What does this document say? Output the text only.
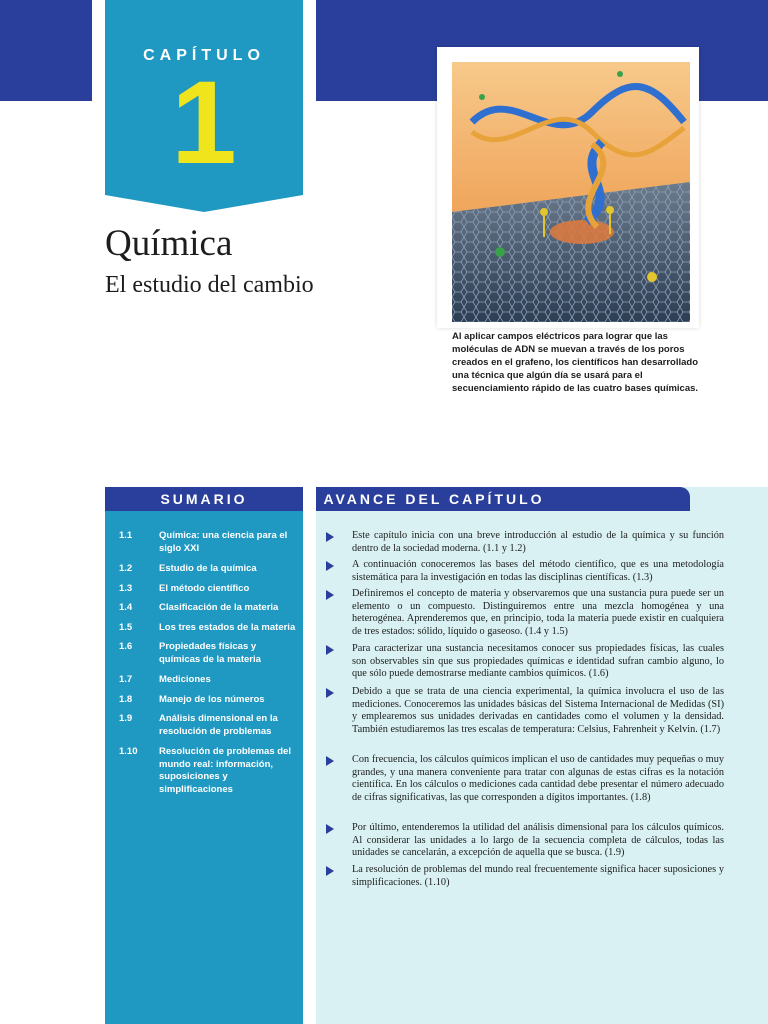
CAPÍTULO
1
Química
El estudio del cambio
Al aplicar campos eléctricos para lograr que las moléculas de ADN se muevan a través de los poros creados en el grafeno, los científicos han desarrollado una técnica que algún día se usará para el secuenciamiento rápido de las cuatro bases químicas.
SUMARIO
1.1	Química: una ciencia para el siglo XXI
1.2	Estudio de la química
1.3	El método científico
1.4	Clasificación de la materia
1.5	Los tres estados de la materia
1.6	Propiedades físicas y químicas de la materia
1.7	Mediciones
1.8	Manejo de los números
1.9	Análisis dimensional en la resolución de problemas
1.10 Resolución de problemas del mundo real: información, suposiciones y simplificaciones
AVANCE DEL CAPÍTULO
Este capítulo inicia con una breve introducción al estudio de la química y su función dentro de la sociedad moderna. (1.1 y 1.2)
A continuación conoceremos las bases del método científico, que es una metodología sistemática para la investigación en todas las disciplinas científicas. (1.3)
Definiremos el concepto de materia y observaremos que una sustancia pura puede ser un elemento o un compuesto. Distinguiremos entre una mezcla homogénea y una heterogénea. Aprenderemos que, en principio, toda la materia puede existir en cualquiera de tres estados: sólido, líquido o gaseoso. (1.4 y 1.5)
Para caracterizar una sustancia necesitamos conocer sus propiedades físicas, las cuales son observables sin que sus propiedades químicas e identidad sufran cambio alguno, lo que sólo puede demostrarse mediante cambios químicos. (1.6)
Debido a que se trata de una ciencia experimental, la química involucra el uso de las mediciones. Conoceremos las unidades básicas del Sistema Internacional de Medidas (SI) y emplearemos sus unidades derivadas en cantidades como el volumen y la densidad. También estudiaremos las tres escalas de temperatura: Celsius, Fahrenheit y Kelvin. (1.7)
Con frecuencia, los cálculos químicos implican el uso de cantidades muy pequeñas o muy grandes, y una manera conveniente para tratar con algunas de estas cifras es la notación científica. En los cálculos o mediciones cada cantidad debe presentar el número adecuado de cifras significativas, las que corresponden a dígitos importantes. (1.8)
Por último, entenderemos la utilidad del análisis dimensional para los cálculos químicos. Al considerar las unidades a lo largo de la secuencia completa de cálculos, todas las unidades se cancelarán, a excepción de aquella que se busca. (1.9)
La resolución de problemas del mundo real frecuentemente significa hacer suposiciones y simplificaciones. (1.10)
